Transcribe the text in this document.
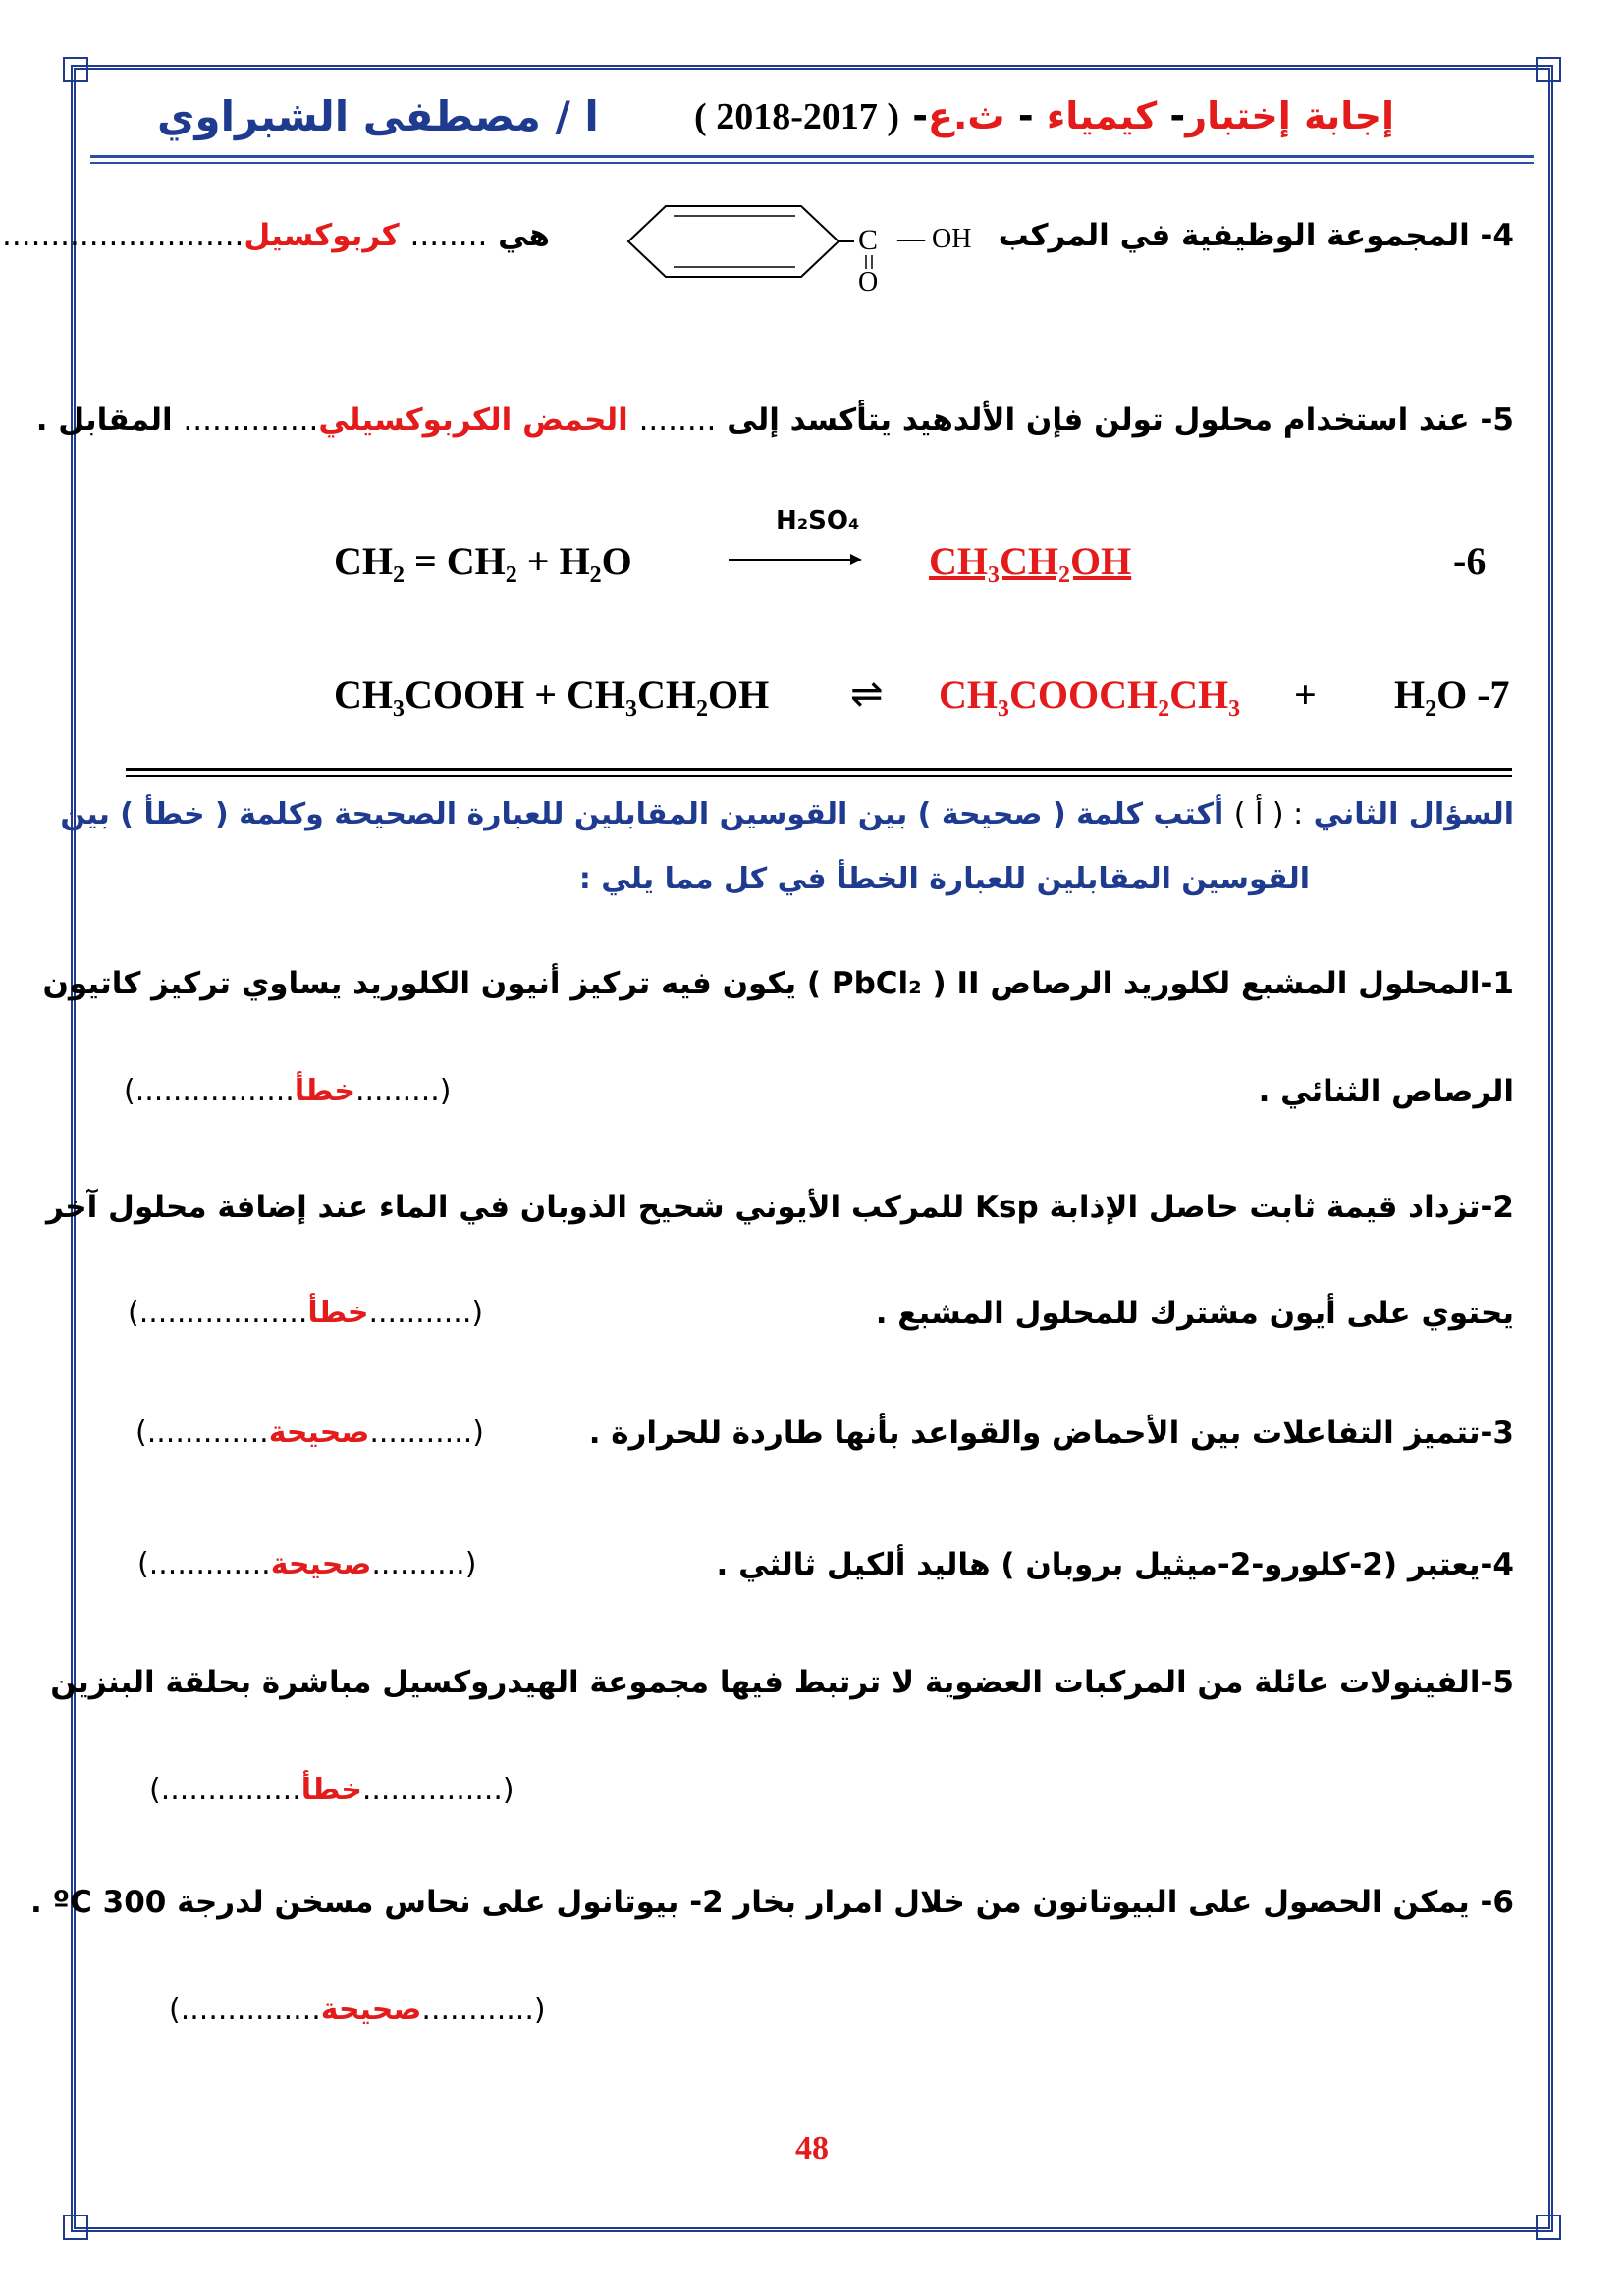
ا / مصطفى الشبراوي	إجابة إختبار- كيمياء - ث.ع- ( 2017-2018 )
4- المجموعة الوظيفية في المركب
C — OH
O
هي ........ كربوكسيل.........................
5- عند استخدام محلول تولن فإن الألدهيد يتأكسد إلى ........ الحمض الكربوكسيلي.............. المقابل .
CH₂ = CH₂ + H₂O
H₂SO₄
CH₃CH₂OH	-6
CH₃COOH + CH₃CH₂OH ⇌ CH₃COOCH₂CH₃ + H₂O -7
السؤال الثاني : ( أ ) أكتب كلمة ( صحيحة ) بين القوسين المقابلين للعبارة الصحيحة وكلمة ( خطأ ) بين
القوسين المقابلين للعبارة الخطأ في كل مما يلي :
1-المحلول المشبع لكلوريد الرصاص PbCl₂ ) II ) يكون فيه تركيز أنيون الكلوريد يساوي تركيز كاتيون
الرصاص الثنائي .
(.................خطأ.........)
2-تزداد قيمة ثابت حاصل الإذابة Ksp للمركب الأيوني شحيح الذوبان في الماء عند إضافة محلول آخر
يحتوي على أيون مشترك للمحلول المشبع .
(..................خطأ...........)
3-تتميز التفاعلات بين الأحماض والقواعد بأنها طاردة للحرارة .
(.............صحيحة...........)
4-يعتبر (2-كلورو-2-ميثيل بروبان ) هاليد ألكيل ثالثي .
(.............صحيحة..........)
5-الفينولات عائلة من المركبات العضوية لا ترتبط فيها مجموعة الهيدروكسيل مباشرة بحلقة البنزين
(...............خطأ...............)
6- يمكن الحصول على البيوتانون من خلال امرار بخار 2- بيوتانول على نحاس مسخن لدرجة 300 ºC .
(...............صحيحة............)
48
